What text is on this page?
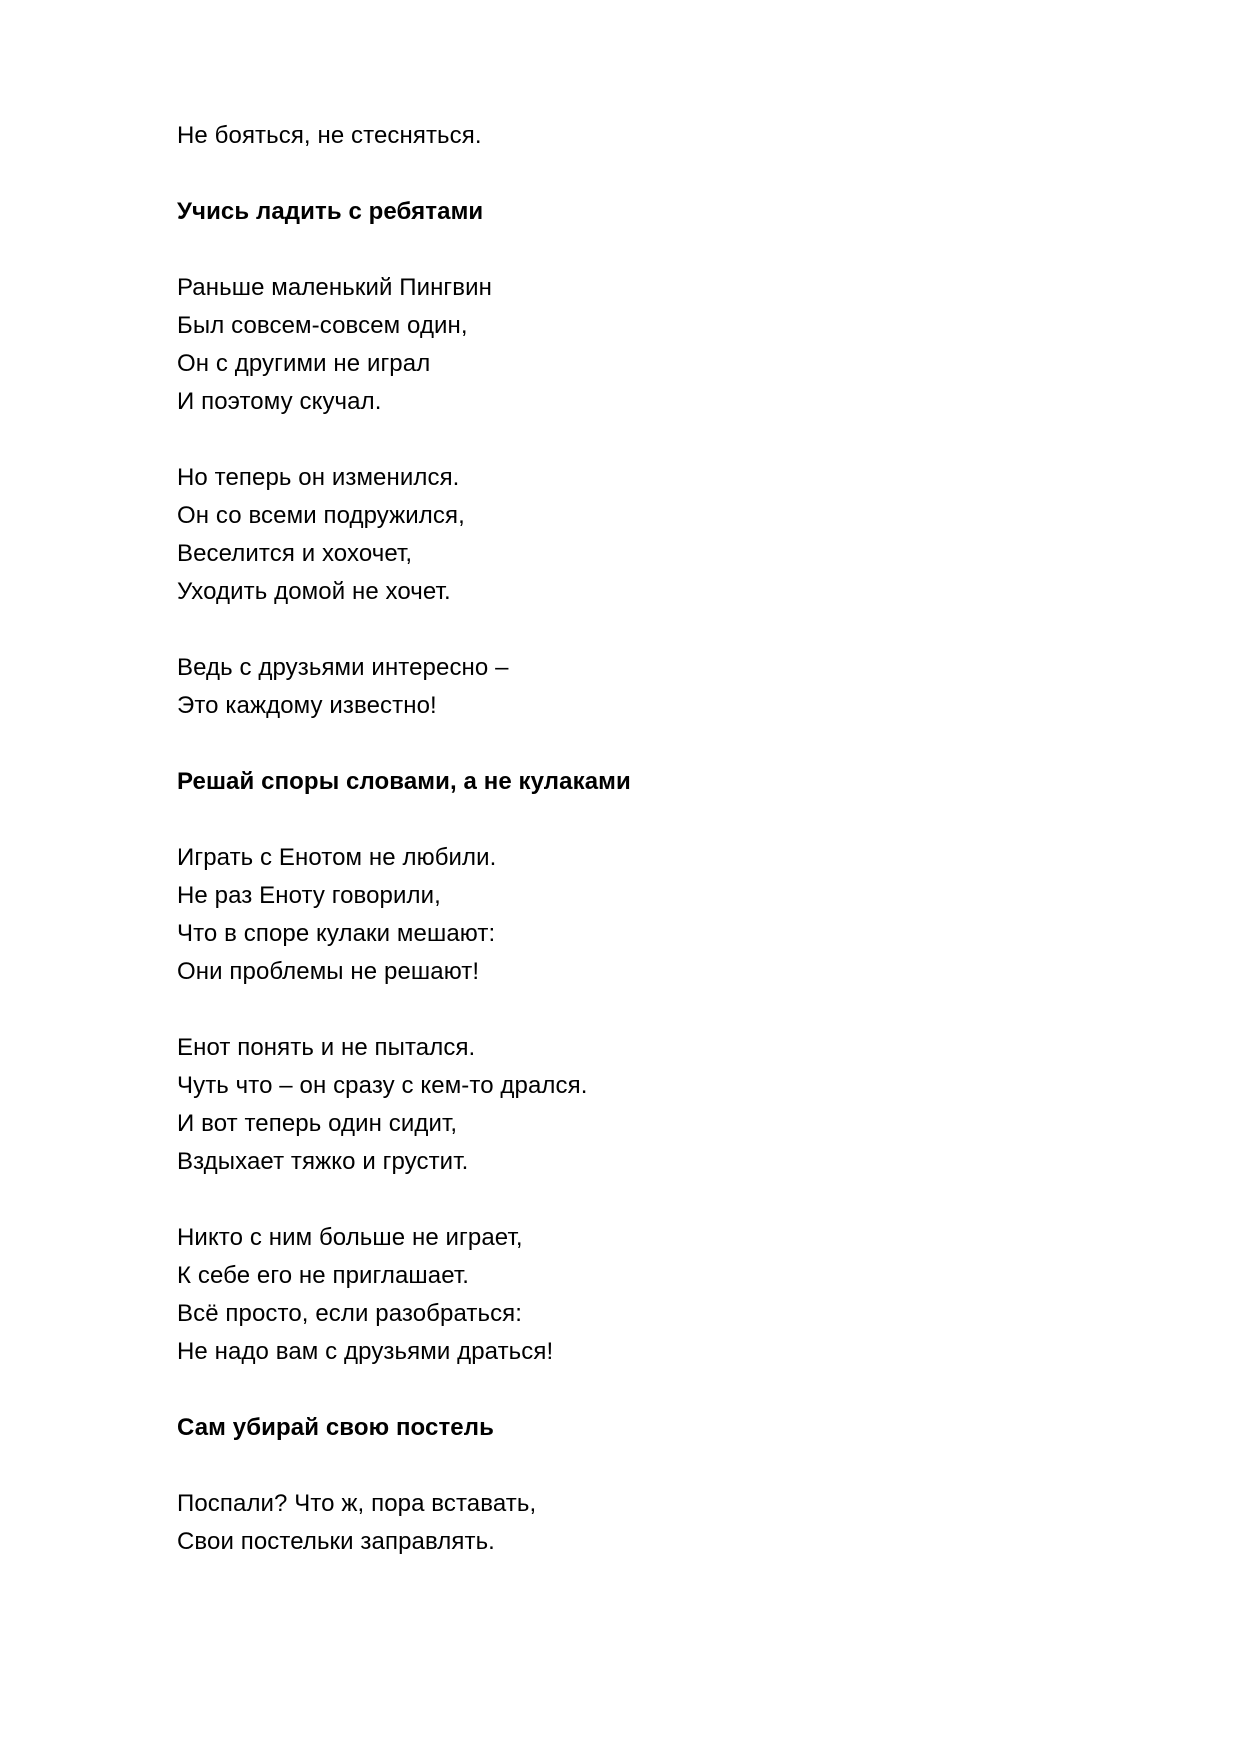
Не бояться, не стесняться.
Учись ладить с ребятами
Раньше маленький Пингвин
Был совсем-совсем один,
Он с другими не играл
И поэтому скучал.
Но теперь он изменился.
Он со всеми подружился,
Веселится и хохочет,
Уходить домой не хочет.
Ведь с друзьями интересно –
Это каждому известно!
Решай споры словами, а не кулаками
Играть с Енотом не любили.
Не раз Еноту говорили,
Что в споре кулаки мешают:
Они проблемы не решают!
Енот понять и не пытался.
Чуть что – он сразу с кем-то дрался.
И вот теперь один сидит,
Вздыхает тяжко и грустит.
Никто с ним больше не играет,
К себе его не приглашает.
Всё просто, если разобраться:
Не надо вам с друзьями драться!
Сам убирай свою постель
Поспали? Что ж, пора вставать,
Свои постельки заправлять.
